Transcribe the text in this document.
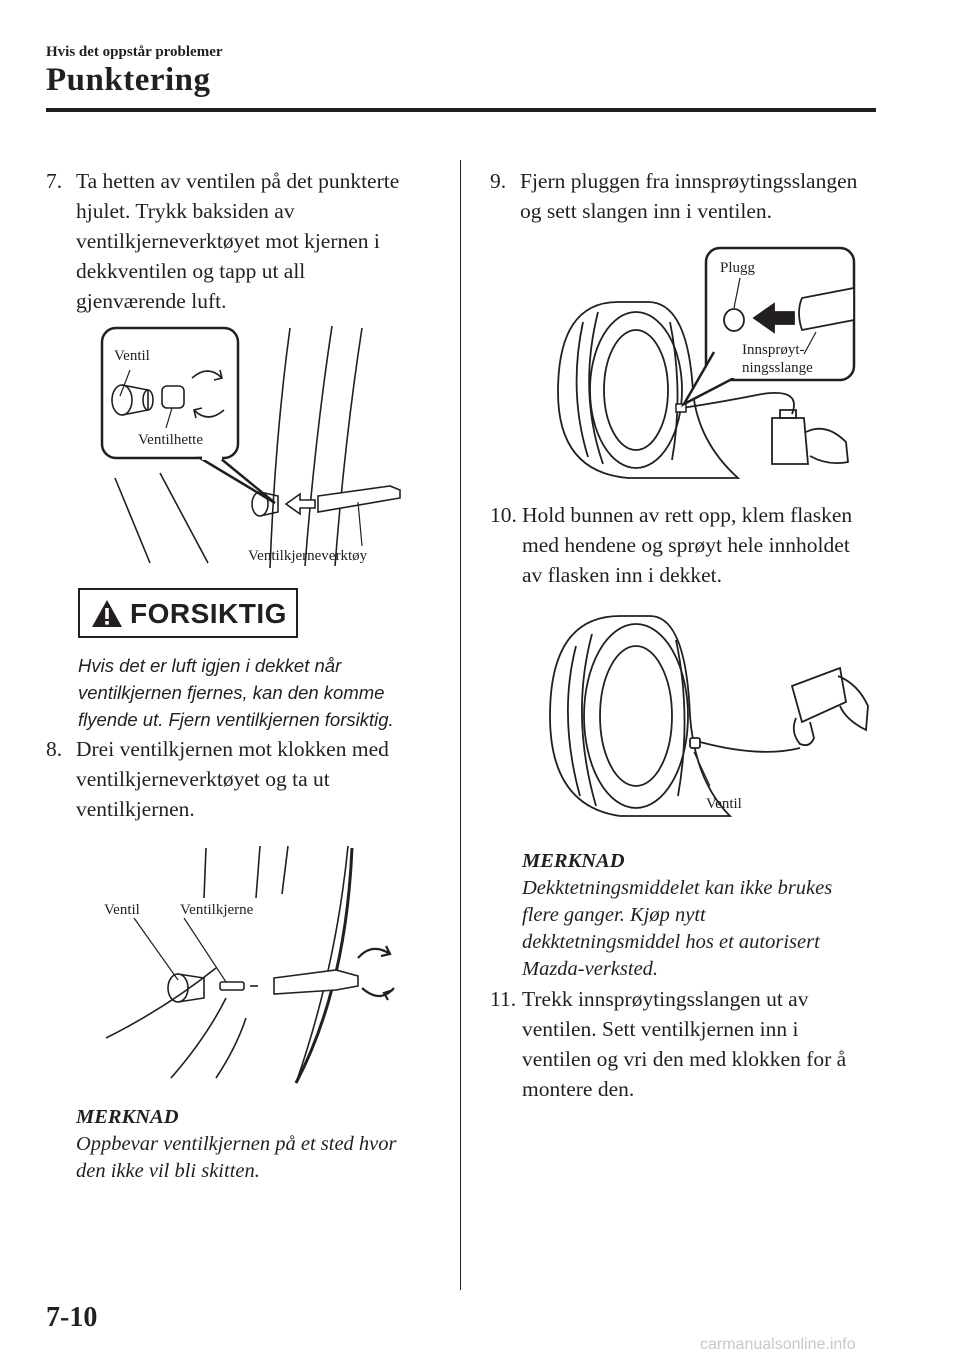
Hvis det oppstår problemer
Punktering
7. Ta hetten av ventilen på det punkterte
hjulet. Trykk baksiden av
ventilkjerneverktøyet mot kjernen i
dekkventilen og tapp ut all
gjenværende luft.
Ventil
Ventilhette
Ventilkjerneverktøy
FORSIKTIG
Hvis det er luft igjen i dekket når
ventilkjernen fjernes, kan den komme
flyende ut. Fjern ventilkjernen forsiktig.
8. Drei ventilkjernen mot klokken med
ventilkjerneverktøyet og ta ut
ventilkjernen.
Ventil	Ventilkjerne
MERKNAD
Oppbevar ventilkjernen på et sted hvor
den ikke vil bli skitten.
9. Fjern pluggen fra innsprøytingsslangen
og sett slangen inn i ventilen.
Plugg
Innsprøyt-
ningsslange
10. Hold bunnen av rett opp, klem flasken
med hendene og sprøyt hele innholdet
av flasken inn i dekket.
Ventil
MERKNAD
Dekktetningsmiddelet kan ikke brukes
flere ganger. Kjøp nytt
dekktetningsmiddel hos et autorisert
Mazda-verksted.
11. Trekk innsprøytingsslangen ut av
ventilen. Sett ventilkjernen inn i
ventilen og vri den med klokken for å
montere den.
7-10
carmanualsonline.info
